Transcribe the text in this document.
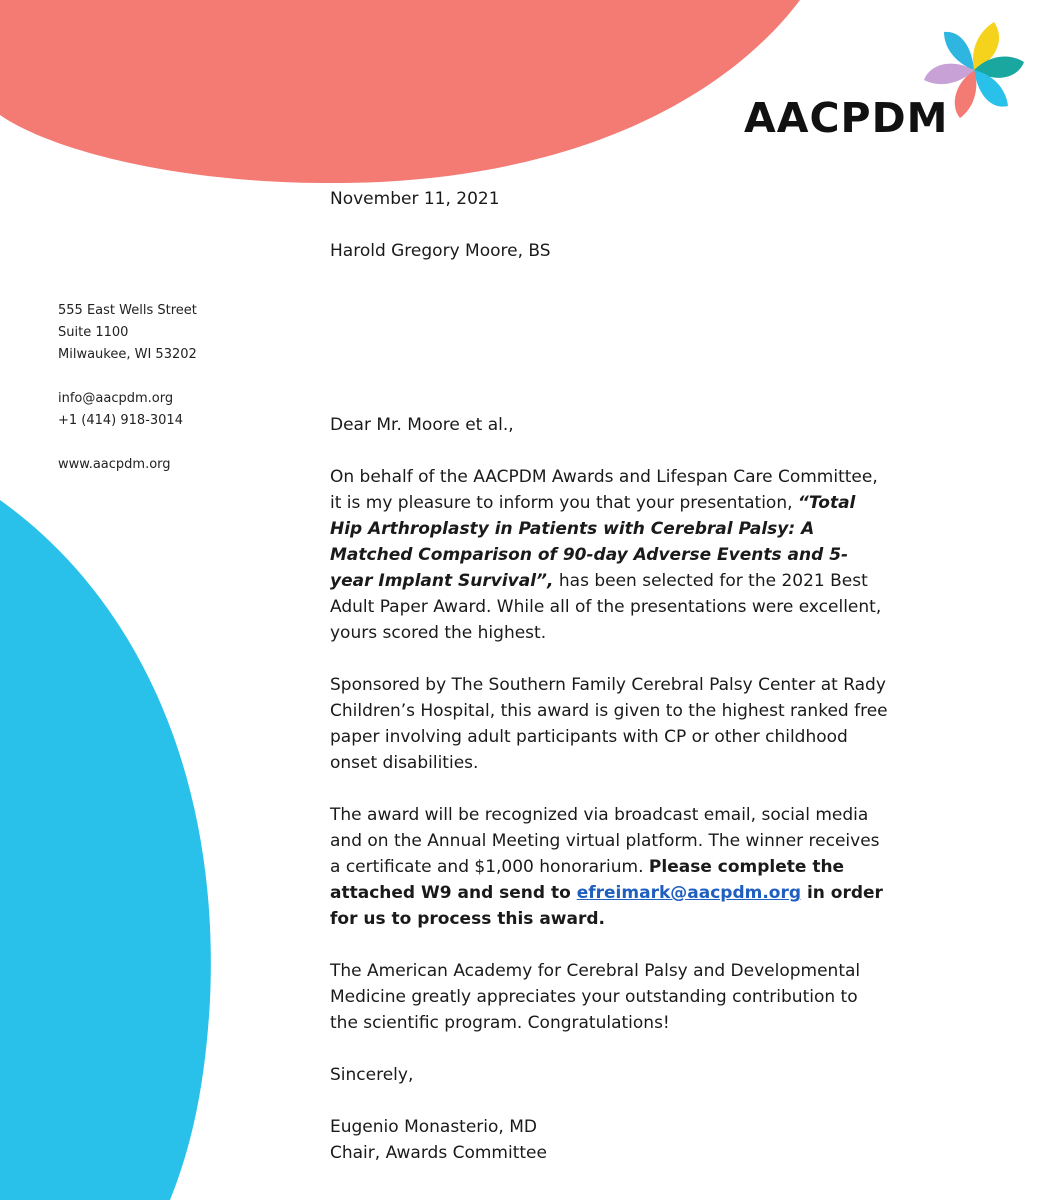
AACPDM
555 East Wells Street
Suite 1100
Milwaukee, WI 53202
info@aacpdm.org
+1 (414) 918-3014
www.aacpdm.org

November 11, 2021

Harold Gregory Moore, BS

Dear Mr. Moore et al.,

On behalf of the AACPDM Awards and Lifespan Care Committee, it is my pleasure to inform you that your presentation, “Total Hip Arthroplasty in Patients with Cerebral Palsy: A Matched Comparison of 90-day Adverse Events and 5-year Implant Survival”, has been selected for the 2021 Best Adult Paper Award. While all of the presentations were excellent, yours scored the highest.

Sponsored by The Southern Family Cerebral Palsy Center at Rady Children’s Hospital, this award is given to the highest ranked free paper involving adult participants with CP or other childhood onset disabilities.

The award will be recognized via broadcast email, social media and on the Annual Meeting virtual platform. The winner receives a certificate and $1,000 honorarium. Please complete the attached W9 and send to efreimark@aacpdm.org in order for us to process this award.

The American Academy for Cerebral Palsy and Developmental Medicine greatly appreciates your outstanding contribution to the scientific program. Congratulations!

Sincerely,

Eugenio Monasterio, MD

Chair, Awards Committee
